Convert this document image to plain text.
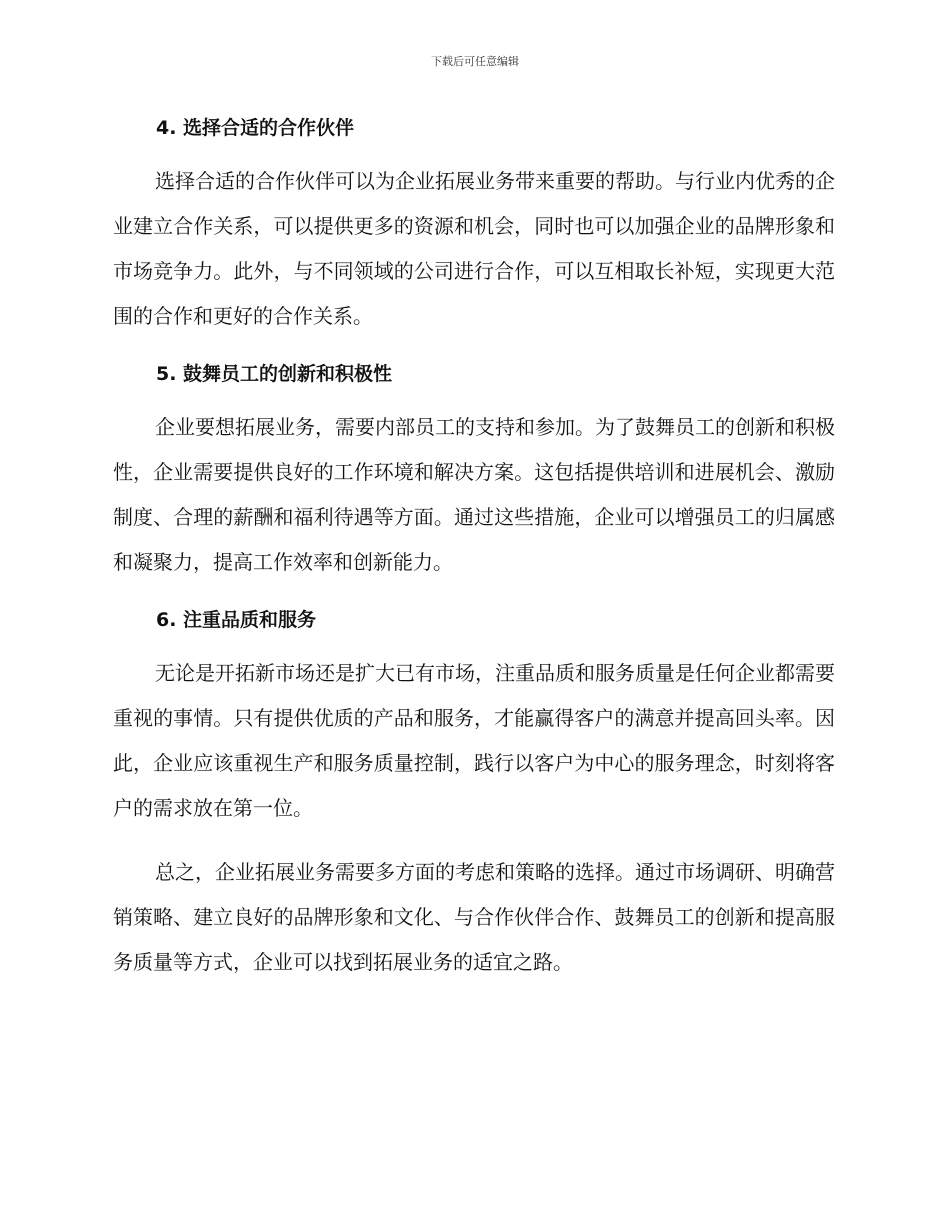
下载后可任意编辑
4. 选择合适的合作伙伴

选择合适的合作伙伴可以为企业拓展业务带来重要的帮助。与行业内优秀的企业建立合作关系，可以提供更多的资源和机会，同时也可以加强企业的品牌形象和市场竞争力。此外，与不同领域的公司进行合作，可以互相取长补短，实现更大范围的合作和更好的合作关系。

5. 鼓舞员工的创新和积极性

企业要想拓展业务，需要内部员工的支持和参加。为了鼓舞员工的创新和积极性，企业需要提供良好的工作环境和解决方案。这包括提供培训和进展机会、激励制度、合理的薪酬和福利待遇等方面。通过这些措施，企业可以增强员工的归属感和凝聚力，提高工作效率和创新能力。

6. 注重品质和服务

无论是开拓新市场还是扩大已有市场，注重品质和服务质量是任何企业都需要重视的事情。只有提供优质的产品和服务，才能赢得客户的满意并提高回头率。因此，企业应该重视生产和服务质量控制，践行以客户为中心的服务理念，时刻将客户的需求放在第一位。

总之，企业拓展业务需要多方面的考虑和策略的选择。通过市场调研、明确营销策略、建立良好的品牌形象和文化、与合作伙伴合作、鼓舞员工的创新和提高服务质量等方式，企业可以找到拓展业务的适宜之路。
